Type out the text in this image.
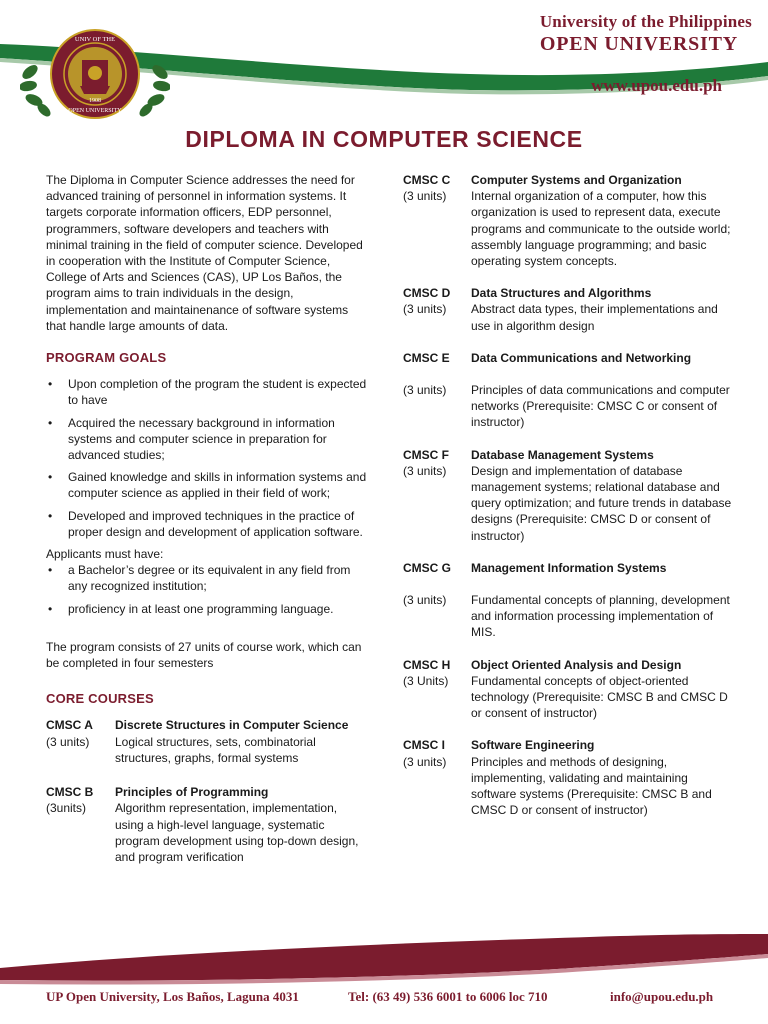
UNIV OF THE
OPEN UNIVERSITY
1908
University of the Philippines
OPEN UNIVERSITY
www.upou.edu.ph
DIPLOMA IN COMPUTER SCIENCE

The Diploma in Computer Science addresses the need for advanced training of personnel in information systems. It targets corporate information officers, EDP personnel, programmers, software developers and teachers with minimal training in the field of computer science. Developed in cooperation with the Institute of Computer Science, College of Arts and Sciences (CAS), UP Los Baños, the program aims to train individuals in the design, implementation and maintainenance of software systems that handle large amounts of data.

PROGRAM GOALS
• Upon completion of the program the student is expected to have
• Acquired the necessary background in information systems and computer science in preparation for advanced studies;
• Gained knowledge and skills in information systems and computer science as applied in their field of work;
• Developed and improved techniques in the practice of proper design and development of application software.
Applicants must have:
• a Bachelor’s degree or its equivalent in any field from any recognized institution;
• proficiency in at least one programming language.

The program consists of 27 units of course work, which can be completed in four semesters

CORE COURSES
CMSC A
(3 units)
Discrete Structures in Computer Science
Logical structures, sets, combinatorial structures, graphs, formal systems
CMSC B
(3units)
Principles of Programming
Algorithm representation, implementation, using a high-level language, systematic program development using top-down design, and program verification
CMSC C
(3 units)
Computer Systems and Organization
Internal organization of a computer, how this organization is used to represent data, execute programs and communicate to the outside world; assembly language programming; and basic operating system concepts.
CMSC D
(3 units)
Data Structures and Algorithms
Abstract data types, their implementations and use in algorithm design
CMSC E
(3 units)
Data Communications and Networking
Principles of data communications and computer networks (Prerequisite: CMSC C or consent of instructor)
CMSC F
(3 units)
Database Management Systems
Design and implementation of database management systems; relational database and query optimization; and future trends in database designs (Prerequisite: CMSC D or consent of instructor)
CMSC G
(3 units)
Management Information Systems
Fundamental concepts of planning, development and information processing implementation of MIS.
CMSC H
(3 Units)
Object Oriented Analysis and Design
Fundamental concepts of object-oriented technology (Prerequisite: CMSC B and CMSC D or consent of instructor)
CMSC I
(3 units)
Software Engineering
Principles and methods of designing, implementing, validating and maintaining software systems (Prerequisite: CMSC B and CMSC D or consent of instructor)
UP Open University, Los Baños, Laguna 4031	Tel: (63 49) 536 6001 to 6006 loc 710	info@upou.edu.ph
